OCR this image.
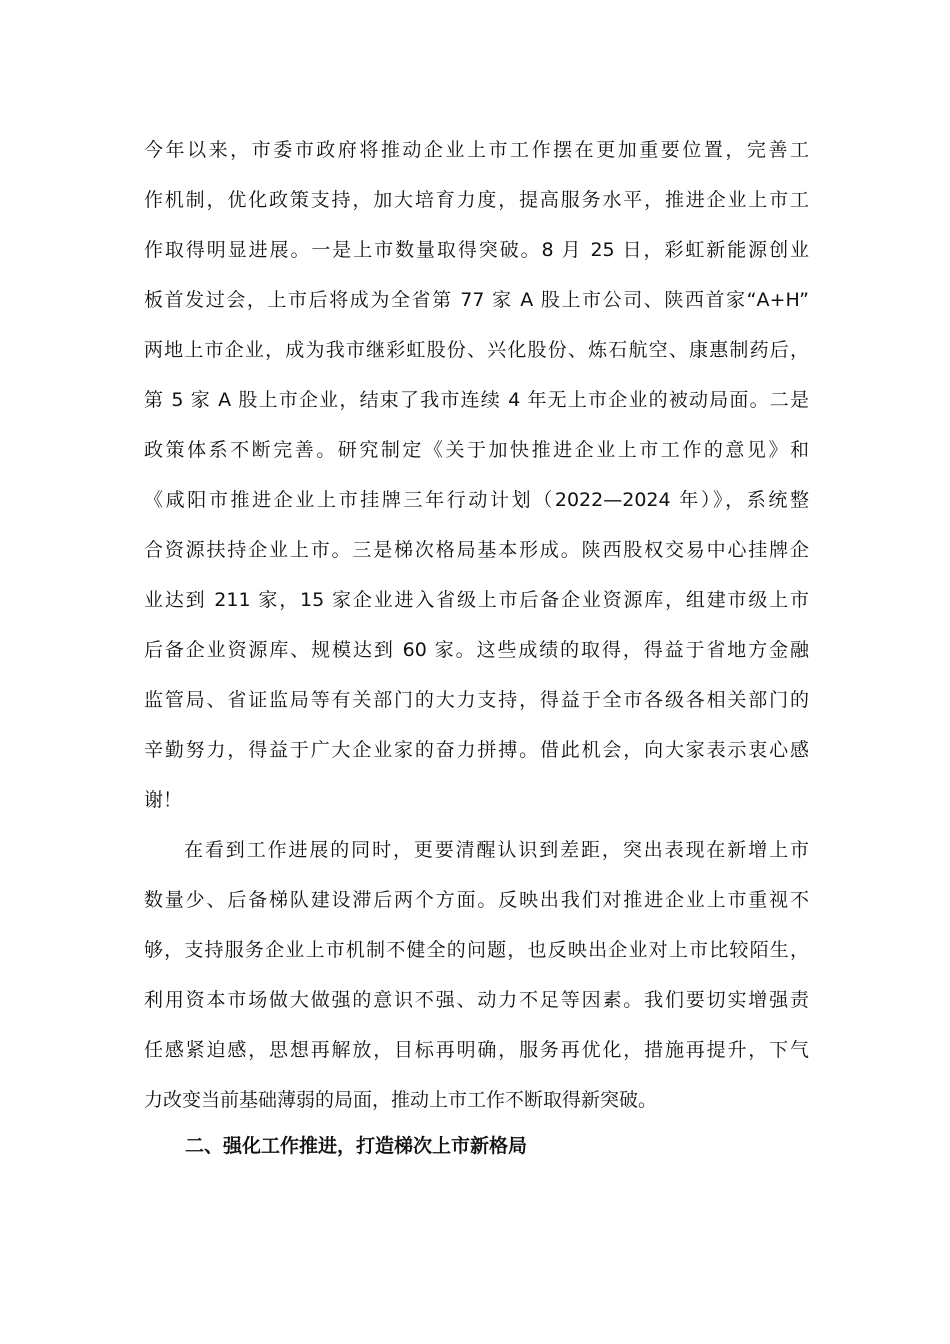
今年以来，市委市政府将推动企业上市工作摆在更加重要位置，完善工
作机制，优化政策支持，加大培育力度，提高服务水平，推进企业上市工
作取得明显进展。一是上市数量取得突破。8 月 25 日，彩虹新能源创业
板首发过会，上市后将成为全省第 77 家 A 股上市公司、陕西首家“A+H”
两地上市企业，成为我市继彩虹股份、兴化股份、炼石航空、康惠制药后，
第 5 家 A 股上市企业，结束了我市连续 4 年无上市企业的被动局面。二是
政策体系不断完善。研究制定《关于加快推进企业上市工作的意见》和
《咸阳市推进企业上市挂牌三年行动计划（2022—2024 年）》，系统整
合资源扶持企业上市。三是梯次格局基本形成。陕西股权交易中心挂牌企
业达到 211 家，15 家企业进入省级上市后备企业资源库，组建市级上市
后备企业资源库、规模达到 60 家。这些成绩的取得，得益于省地方金融
监管局、省证监局等有关部门的大力支持，得益于全市各级各相关部门的
辛勤努力，得益于广大企业家的奋力拼搏。借此机会，向大家表示衷心感
谢！
在看到工作进展的同时，更要清醒认识到差距，突出表现在新增上市
数量少、后备梯队建设滞后两个方面。反映出我们对推进企业上市重视不
够，支持服务企业上市机制不健全的问题，也反映出企业对上市比较陌生，
利用资本市场做大做强的意识不强、动力不足等因素。我们要切实增强责
任感紧迫感，思想再解放，目标再明确，服务再优化，措施再提升，下气
力改变当前基础薄弱的局面，推动上市工作不断取得新突破。
二、强化工作推进，打造梯次上市新格局
